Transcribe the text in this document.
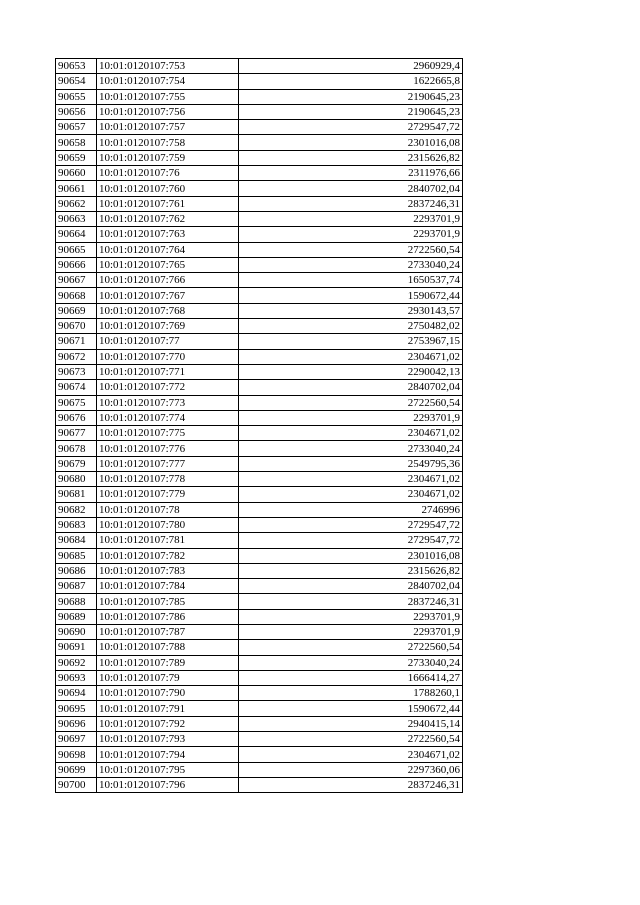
90653	10:01:0120107:753	2960929,4
90654	10:01:0120107:754	1622665,8
90655	10:01:0120107:755	2190645,23
90656	10:01:0120107:756	2190645,23
90657	10:01:0120107:757	2729547,72
90658	10:01:0120107:758	2301016,08
90659	10:01:0120107:759	2315626,82
90660	10:01:0120107:76	2311976,66
90661	10:01:0120107:760	2840702,04
90662	10:01:0120107:761	2837246,31
90663	10:01:0120107:762	2293701,9
90664	10:01:0120107:763	2293701,9
90665	10:01:0120107:764	2722560,54
90666	10:01:0120107:765	2733040,24
90667	10:01:0120107:766	1650537,74
90668	10:01:0120107:767	1590672,44
90669	10:01:0120107:768	2930143,57
90670	10:01:0120107:769	2750482,02
90671	10:01:0120107:77	2753967,15
90672	10:01:0120107:770	2304671,02
90673	10:01:0120107:771	2290042,13
90674	10:01:0120107:772	2840702,04
90675	10:01:0120107:773	2722560,54
90676	10:01:0120107:774	2293701,9
90677	10:01:0120107:775	2304671,02
90678	10:01:0120107:776	2733040,24
90679	10:01:0120107:777	2549795,36
90680	10:01:0120107:778	2304671,02
90681	10:01:0120107:779	2304671,02
90682	10:01:0120107:78	2746996
90683	10:01:0120107:780	2729547,72
90684	10:01:0120107:781	2729547,72
90685	10:01:0120107:782	2301016,08
90686	10:01:0120107:783	2315626,82
90687	10:01:0120107:784	2840702,04
90688	10:01:0120107:785	2837246,31
90689	10:01:0120107:786	2293701,9
90690	10:01:0120107:787	2293701,9
90691	10:01:0120107:788	2722560,54
90692	10:01:0120107:789	2733040,24
90693	10:01:0120107:79	1666414,27
90694	10:01:0120107:790	1788260,1
90695	10:01:0120107:791	1590672,44
90696	10:01:0120107:792	2940415,14
90697	10:01:0120107:793	2722560,54
90698	10:01:0120107:794	2304671,02
90699	10:01:0120107:795	2297360,06
90700	10:01:0120107:796	2837246,31
